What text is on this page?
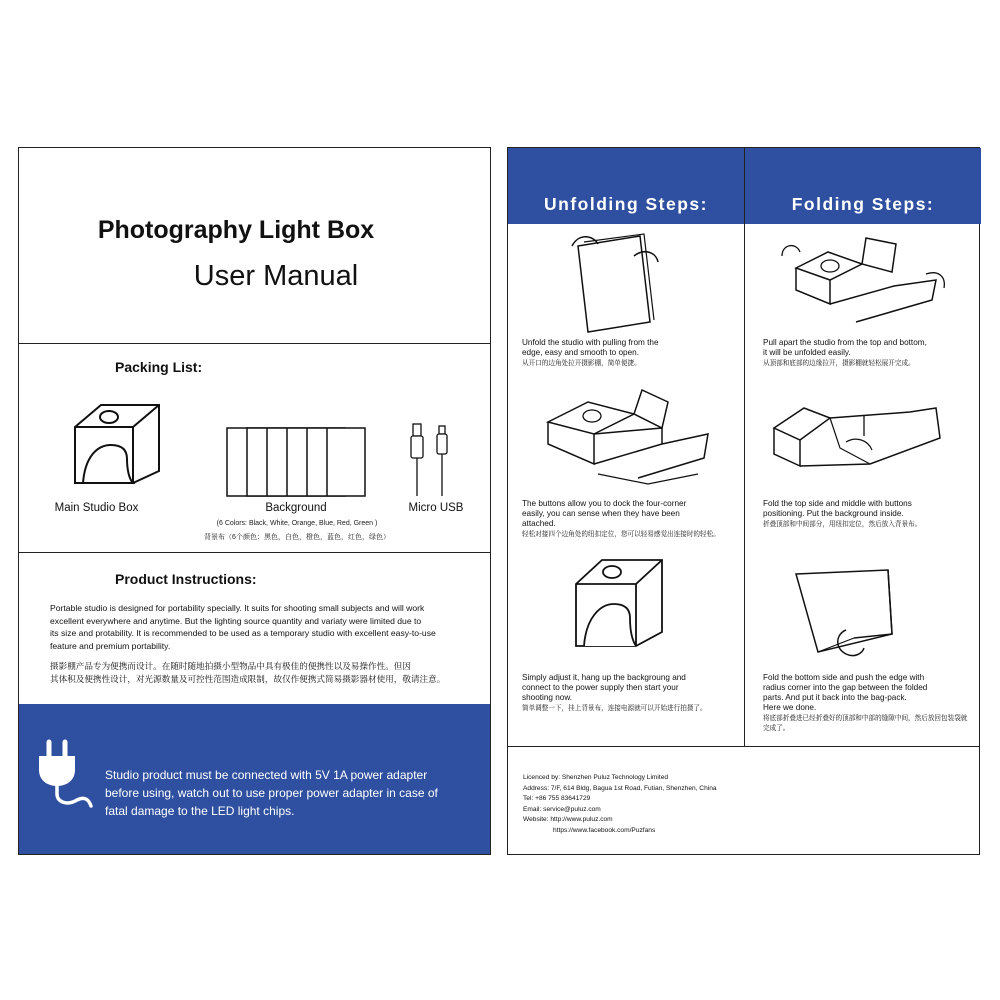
Photography Light Box
User Manual
Packing List:
Main Studio Box	Background
(6 Colors: Black, White, Orange, Blue, Red, Green )
背景布（6个颜色：黑色，白色，橙色，蓝色，红色，绿色）
Micro USB
Product Instructions:
Portable studio is designed for portability specially. It suits for shooting small subjects and will work
excellent everywhere and anytime. But the lighting source quantity and variaty were limited due to
its size and protability. It is recommended to be used as a temporary studio with excellent easy-to-use
feature and premium portability.
摄影棚产品专为便携而设计。在随时随地拍摄小型物品中具有极佳的便携性以及易操作性。但因
其体积及便携性设计，对光源数量及可控性范围造成限制，故仅作便携式简易摄影器材使用，敬请注意。
Studio product must be connected with 5V 1A power adapter
before using, watch out to use proper power adapter in case of
fatal damage to the LED light chips.
Unfolding Steps:	Folding Steps:
Unfold the studio with pulling from the
edge, easy and smooth to open.
从开口的边角处拉开摄影棚，简单便捷。
The buttons allow you to dock the four-corner
easily, you can sense when they have been
attached.
轻松对接四个边角处的纽扣定位，您可以轻易感觉出连接时的轻松。
Simply adjust it, hang up the backgroung and
connect to the power supply then start your
shooting now.
简单调整一下，挂上背景布，连接电源就可以开始进行拍摄了。
Pull apart the studio from the top and bottom,
it will be unfolded easily.
从顶部和底部的边缘拉开，摄影棚就轻松展开完成。
Fold the top side and middle with buttons
positioning. Put the background inside.
折叠顶部和中间部分，用纽扣定位，然后放入背景布。
Fold the bottom side and push the edge with
radius corner into the gap between the folded
parts. And put it back into the bag-pack.
Here we done.
将底部折叠进已经折叠好的顶部和中部的缝隙中间，然后放回包装袋就完成了。
Licenced by: Shenzhen Puluz Technology Limited
Address: 7/F, 614 Bldg, Bagua 1st Road, Futian, Shenzhen, China
Tel: +86 755 83641729
Email: service@puluz.com
Website: http://www.puluz.com
https://www.facebook.com/Puzfans
